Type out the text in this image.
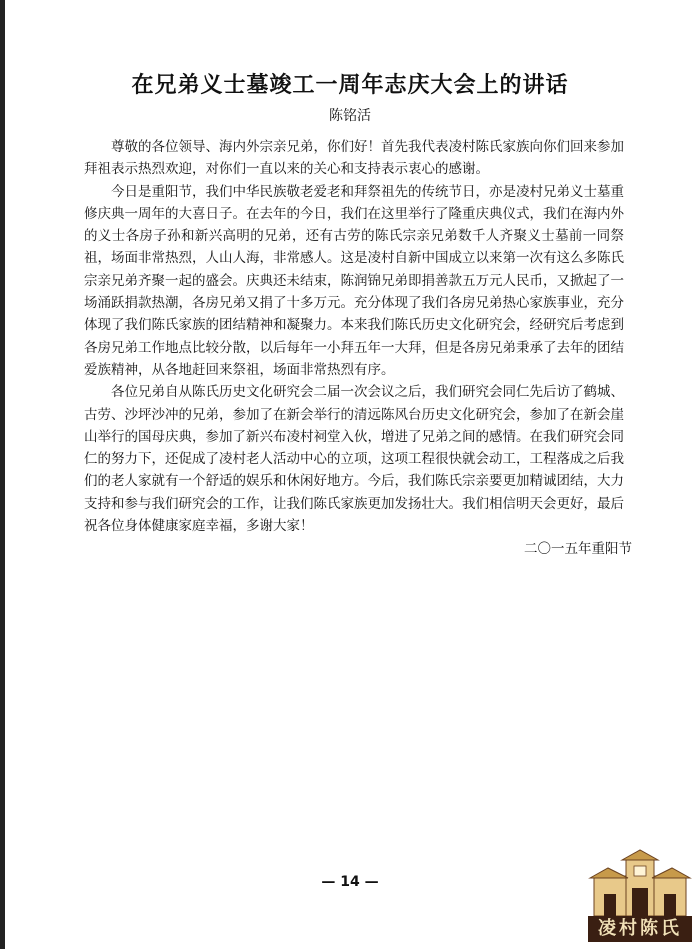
在兄弟义士墓竣工一周年志庆大会上的讲话
陈铭活

尊敬的各位领导、海内外宗亲兄弟，你们好！首先我代表凌村陈氏家族向你们回来参加拜祖表示热烈欢迎，对你们一直以来的关心和支持表示衷心的感谢。

今日是重阳节，我们中华民族敬老爱老和拜祭祖先的传统节日，亦是凌村兄弟义士墓重修庆典一周年的大喜日子。在去年的今日，我们在这里举行了隆重庆典仪式，我们在海内外的义士各房子孙和新兴高明的兄弟，还有古劳的陈氏宗亲兄弟数千人齐聚义士墓前一同祭祖，场面非常热烈，人山人海，非常感人。这是凌村自新中国成立以来第一次有这么多陈氏宗亲兄弟齐聚一起的盛会。庆典还未结束，陈润锦兄弟即捐善款五万元人民币，又掀起了一场涌跃捐款热潮，各房兄弟又捐了十多万元。充分体现了我们各房兄弟热心家族事业，充分体现了我们陈氏家族的团结精神和凝聚力。本来我们陈氏历史文化研究会，经研究后考虑到各房兄弟工作地点比较分散，以后每年一小拜五年一大拜，但是各房兄弟秉承了去年的团结爱族精神，从各地赶回来祭祖，场面非常热烈有序。

各位兄弟自从陈氏历史文化研究会二届一次会议之后，我们研究会同仁先后访了鹤城、古劳、沙坪沙冲的兄弟，参加了在新会举行的清远陈风台历史文化研究会，参加了在新会崖山举行的国母庆典，参加了新兴布凌村祠堂入伙，增进了兄弟之间的感情。在我们研究会同仁的努力下，还促成了凌村老人活动中心的立项，这项工程很快就会动工，工程落成之后我们的老人家就有一个舒适的娱乐和休闲好地方。今后，我们陈氏宗亲要更加精诚团结，大力支持和参与我们研究会的工作，让我们陈氏家族更加发扬壮大。我们相信明天会更好，最后祝各位身体健康家庭幸福，多谢大家！

二〇一五年重阳节
— 14 —
凌村陈氏
